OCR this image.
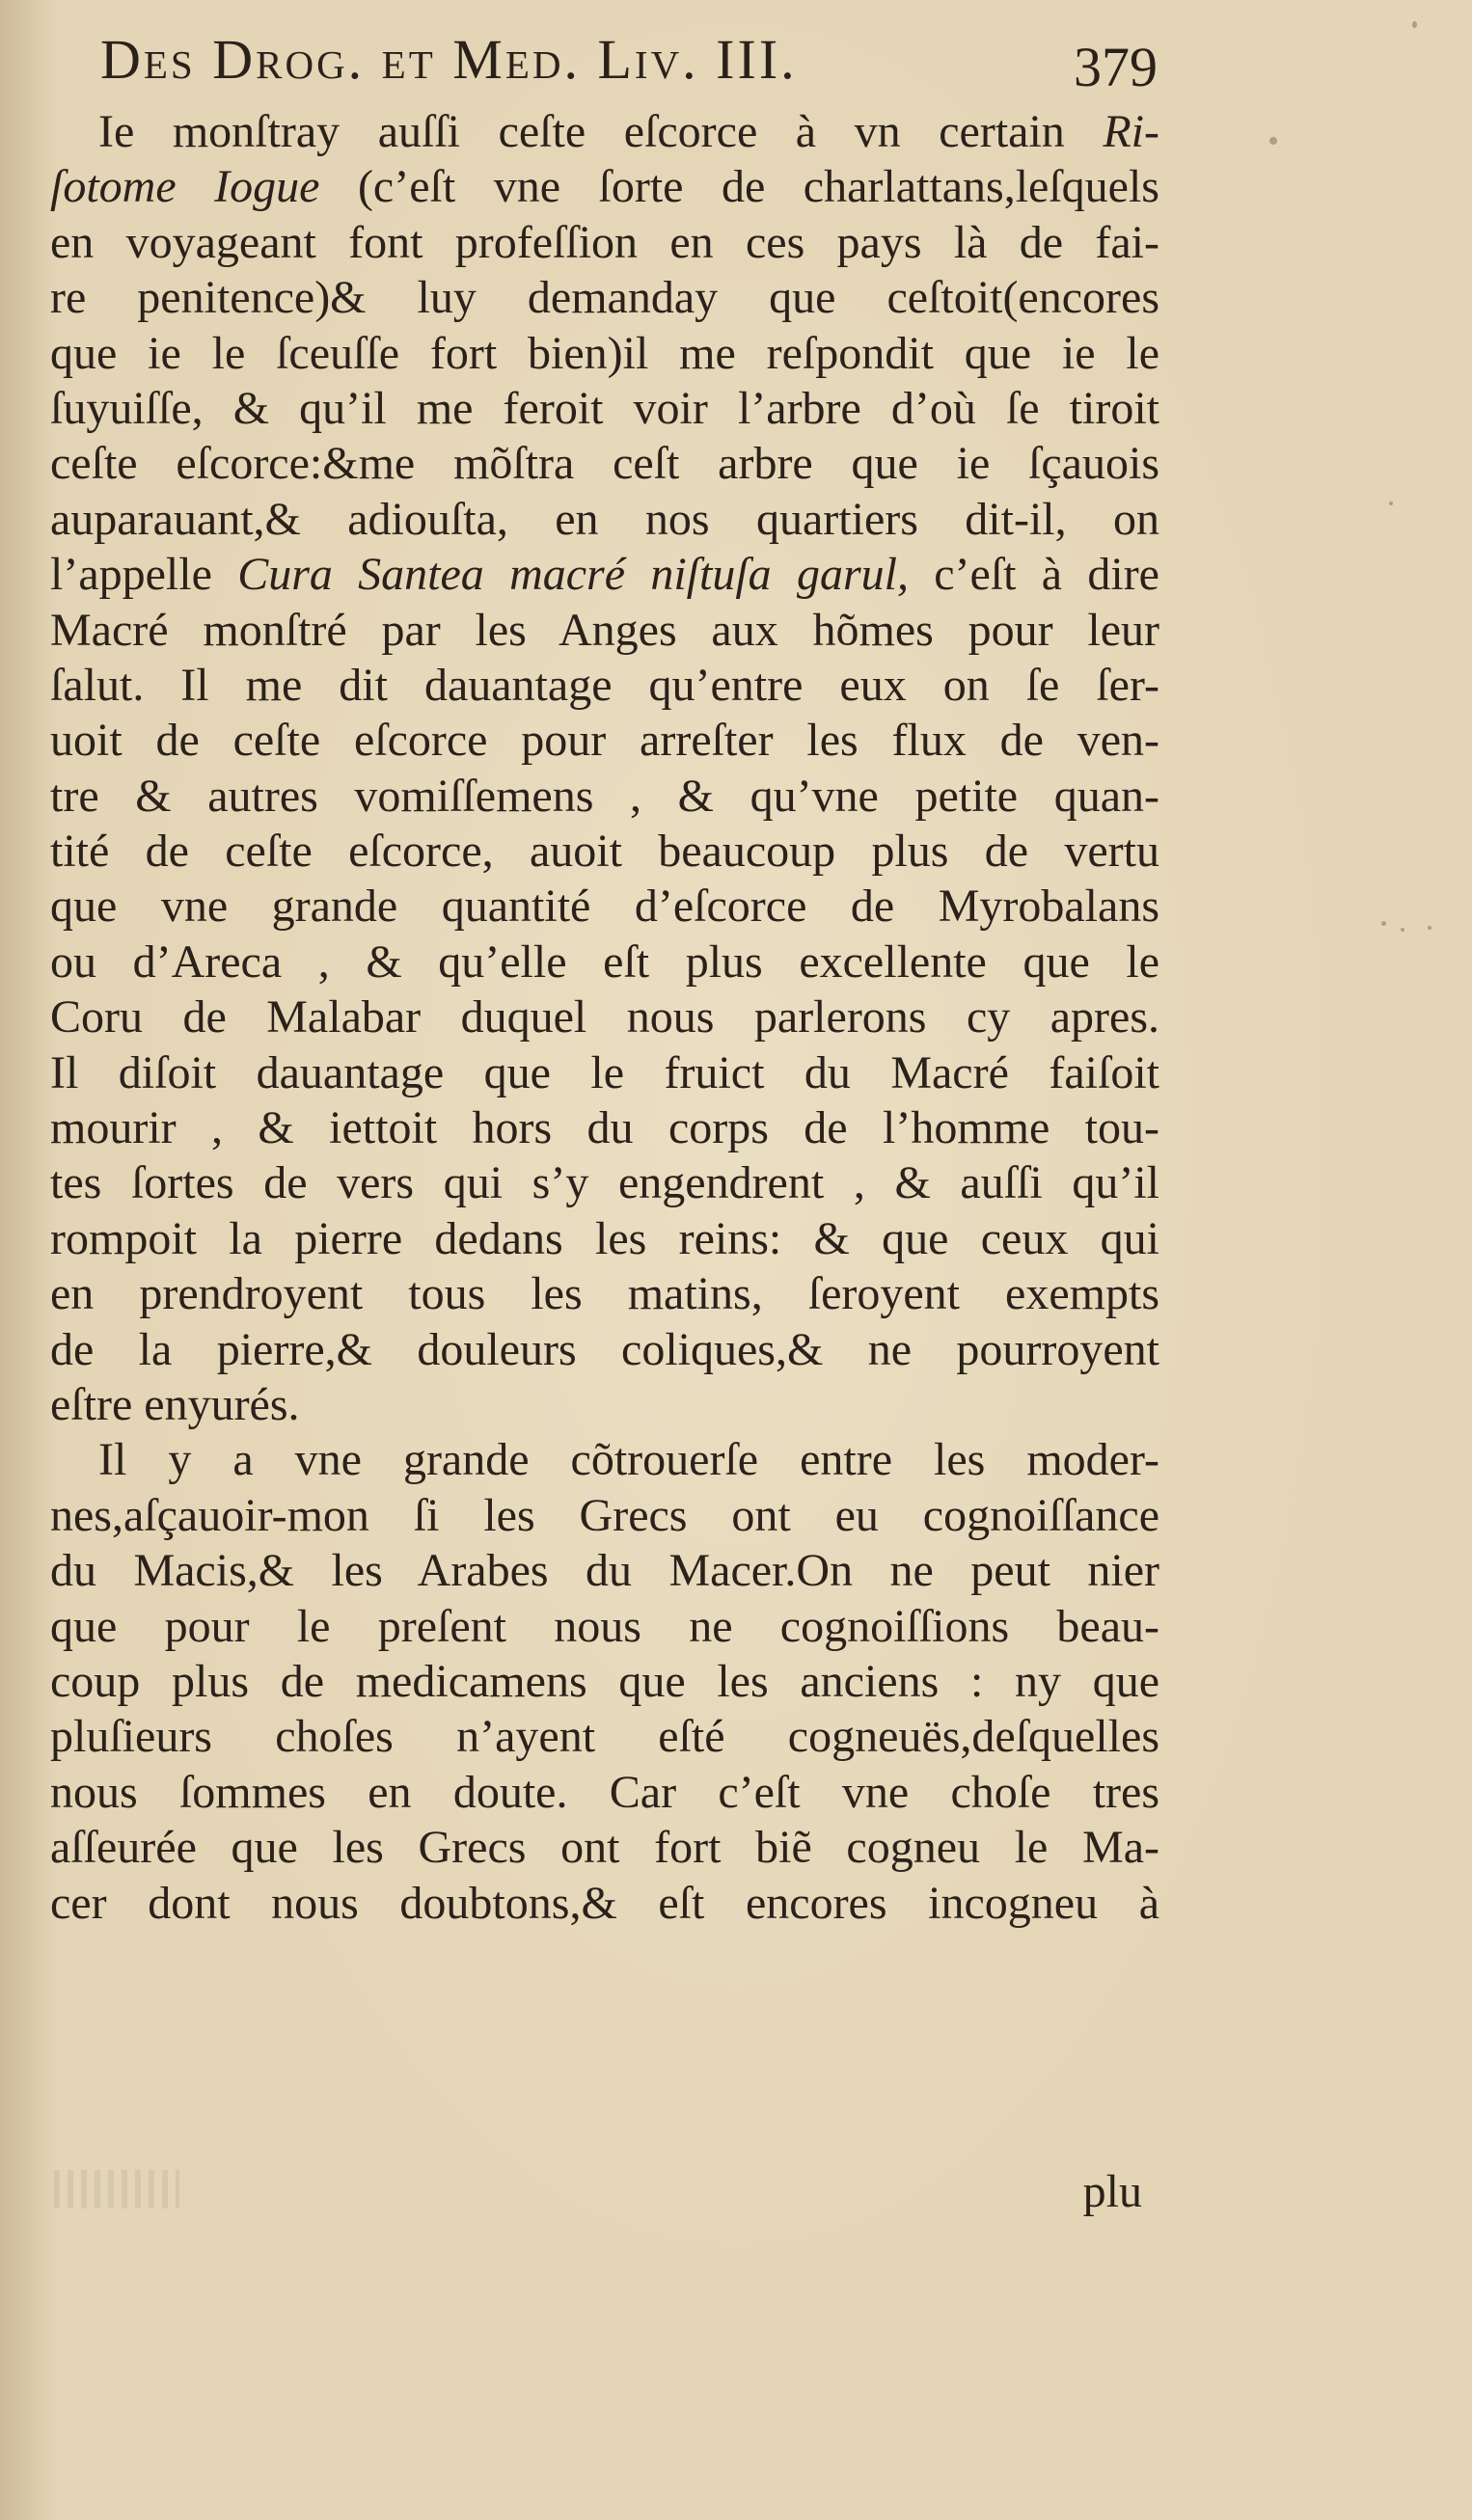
Des Drog. et Med. Liv. III.	379
Ie monſtray auſſi ceſte eſcorce à vn certain Ri-
ſotome Iogue (c’eſt vne ſorte de charlattans,leſquels
en voyageant font profeſſion en ces pays là de fai-
re penitence)& luy demanday que ceſtoit(encores
que ie le ſceuſſe fort bien)il me reſpondit que ie le
ſuyuiſſe, & qu’il me feroit voir l’arbre d’où ſe tiroit
ceſte eſcorce:&me mõſtra ceſt arbre que ie ſçauois
auparauant,& adiouſta, en nos quartiers dit-il, on
l’appelle Cura Santea macré niſtuſa garul, c’eſt à dire
Macré monſtré par les Anges aux hõmes pour leur
ſalut. Il me dit dauantage qu’entre eux on ſe ſer-
uoit de ceſte eſcorce pour arreſter les flux de ven-
tre & autres vomiſſemens , & qu’vne petite quan-
tité de ceſte eſcorce, auoit beaucoup plus de vertu
que vne grande quantité d’eſcorce de Myrobalans
ou d’Areca , & qu’elle eſt plus excellente que le
Coru de Malabar duquel nous parlerons cy apres.
Il diſoit dauantage que le fruict du Macré faiſoit
mourir , & iettoit hors du corps de l’homme tou-
tes ſortes de vers qui s’y engendrent , & auſſi qu’il
rompoit la pierre dedans les reins: & que ceux qui
en prendroyent tous les matins, ſeroyent exempts
de la pierre,& douleurs coliques,& ne pourroyent
eſtre enyurés.
Il y a vne grande cõtrouerſe entre les moder-
nes,aſçauoir-mon ſi les Grecs ont eu cognoiſſance
du Macis,& les Arabes du Macer.On ne peut nier
que pour le preſent nous ne cognoiſſions beau-
coup plus de medicamens que les anciens : ny que
pluſieurs choſes n’ayent eſté cogneuës,deſquelles
nous ſommes en doute. Car c’eſt vne choſe tres
aſſeurée que les Grecs ont fort biẽ cogneu le Ma-
cer dont nous doubtons,& eſt encores incogneu à
plu
